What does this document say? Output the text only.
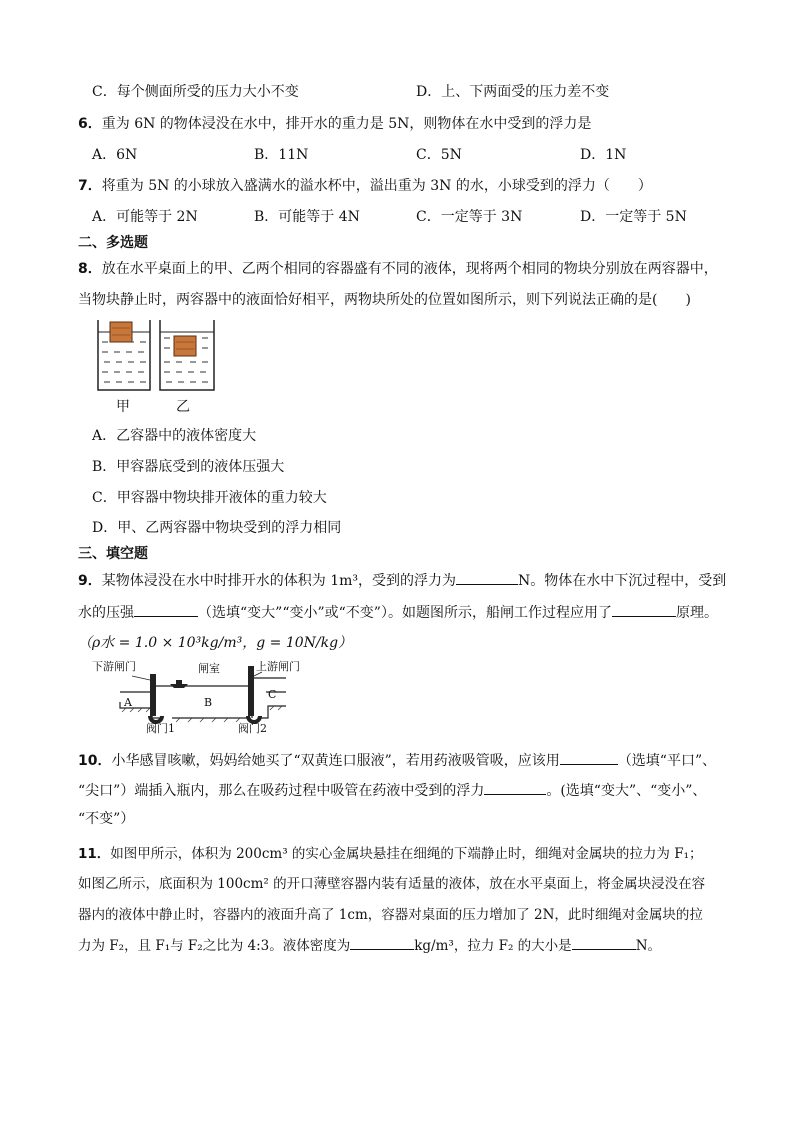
C．每个侧面所受的压力大小不变	D．上、下两面受的压力差不变
6．重为 6N 的物体浸没在水中，排开水的重力是 5N，则物体在水中受到的浮力是
A．6N	B．11N	C．5N	D．1N
7．将重为 5N 的小球放入盛满水的溢水杯中，溢出重为 3N 的水，小球受到的浮力（　　）
A．可能等于 2N	B．可能等于 4N	C．一定等于 3N	D．一定等于 5N
二、多选题
8．放在水平桌面上的甲、乙两个相同的容器盛有不同的液体，现将两个相同的物块分别放在两容器中，
当物块静止时，两容器中的液面恰好相平，两物块所处的位置如图所示，则下列说法正确的是(　　)
甲	乙
A．乙容器中的液体密度大
B．甲容器底受到的液体压强大
C．甲容器中物块排开液体的重力较大
D．甲、乙两容器中物块受到的浮力相同
三、填空题
9．某物体浸没在水中时排开水的体积为 1m³，受到的浮力为	N。物体在水中下沉过程中，受到
水的压强	（选填“变大”“变小”或“不变”）。如题图所示，船闸工作过程应用了	原理。
（ρ水 = 1.0 × 10³kg/m³，g = 10N/kg）
下游闸门	闸室	上游闸门
A	B
C
阀门1	阀门2
10．小华感冒咳嗽，妈妈给她买了“双黄连口服液”，若用药液吸管吸，应该用	（选填“平口”、
“尖口”）端插入瓶内，那么在吸药过程中吸管在药液中受到的浮力	。(选填“变大”、“变小”、
“不变”）
11．如图甲所示，体积为 200cm³ 的实心金属块悬挂在细绳的下端静止时，细绳对金属块的拉力为 F₁；
如图乙所示，底面积为 100cm² 的开口薄壁容器内装有适量的液体，放在水平桌面上，将金属块浸没在容
器内的液体中静止时，容器内的液面升高了 1cm，容器对桌面的压力增加了 2N，此时细绳对金属块的拉
力为 F₂，且 F₁与 F₂之比为 4:3。液体密度为	kg/m³，拉力 F₂ 的大小是	N。
